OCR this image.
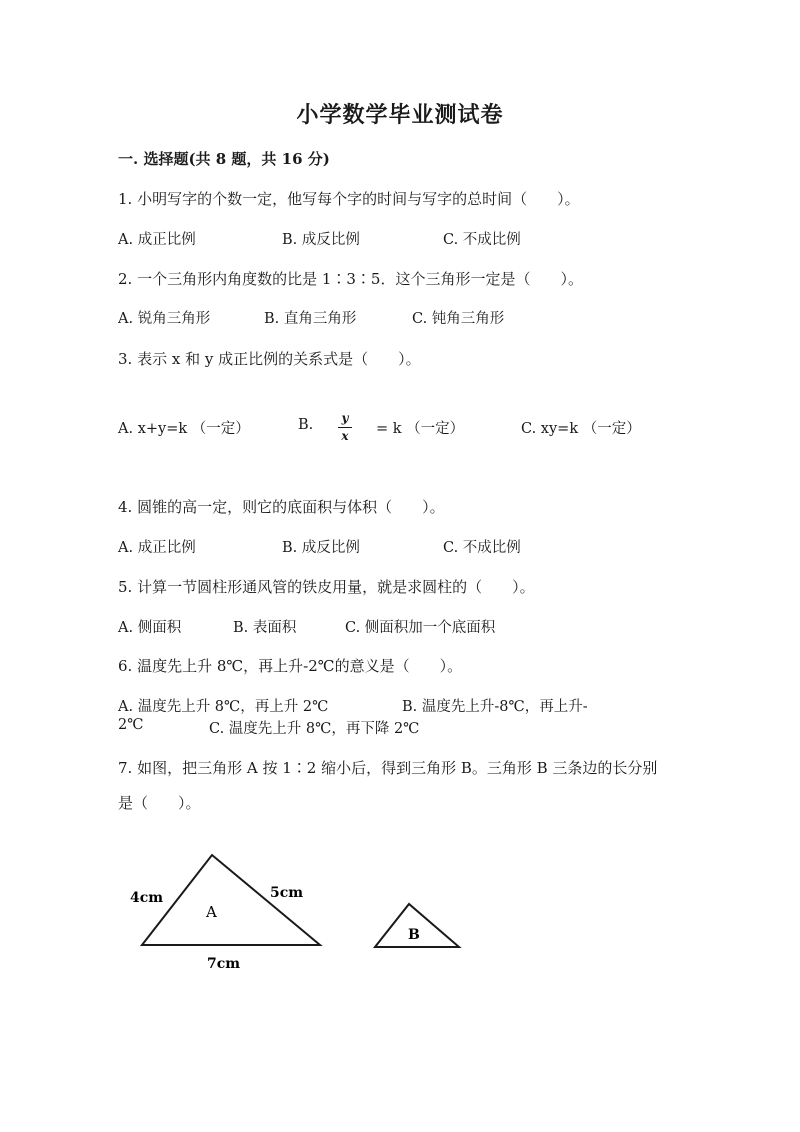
小学数学毕业测试卷
一. 选择题(共 8 题，共 16 分)
1. 小明写字的个数一定，他写每个字的时间与写字的总时间（　　）。
A. 成正比例	B. 成反比例	C. 不成比例
2. 一个三角形内角度数的比是 1∶3∶5．这个三角形一定是（　　）。
A. 锐角三角形	B. 直角三角形	C. 钝角三角形
3. 表示 x 和 y 成正比例的关系式是（　　）。
A. x+y=k （一定）	B. y
x = k （一定）	C. xy=k （一定）
4. 圆锥的高一定，则它的底面积与体积（　　）。
A. 成正比例	B. 成反比例	C. 不成比例
5. 计算一节圆柱形通风管的铁皮用量，就是求圆柱的（　　）。
A. 侧面积	B. 表面积	C. 侧面积加一个底面积
6. 温度先上升 8℃，再上升-2℃的意义是（　　）。
A. 温度先上升 8℃，再上升 2℃	B. 温度先上升-8℃，再上升-
2℃	C. 温度先上升 8℃，再下降 2℃
7. 如图，把三角形 A 按 1∶2 缩小后，得到三角形 B。三角形 B 三条边的长分别
是（　　）。
A
4cm	5cm
7cm
B
